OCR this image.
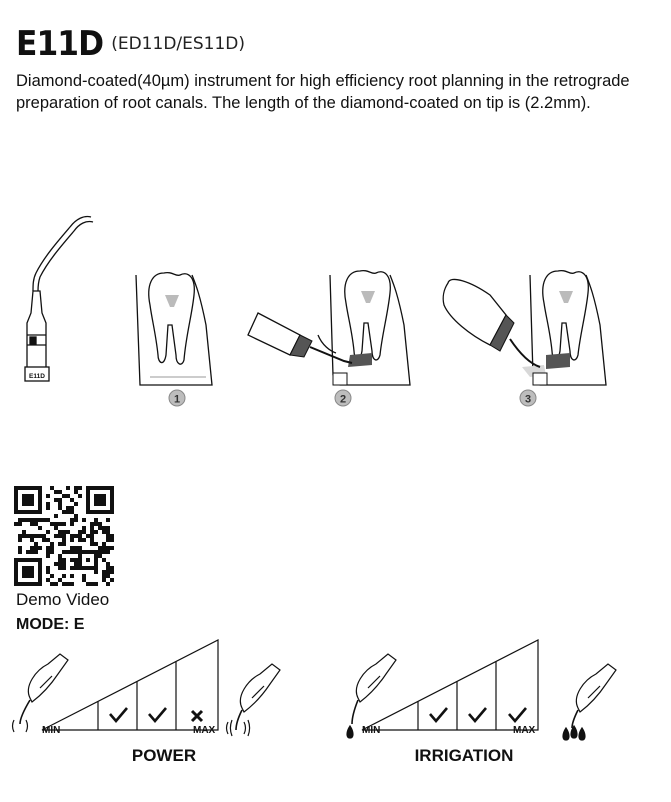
E11D (ED11D/ES11D)
Diamond-coated(40µm) instrument for high efficiency root planning in the retrograde preparation of root canals. The length of the diamond-coated on tip is (2.2mm).
E11D
1	2	3
Demo Video
MODE: E
MIN	MAX
POWER
MIN	MAX
IRRIGATION
